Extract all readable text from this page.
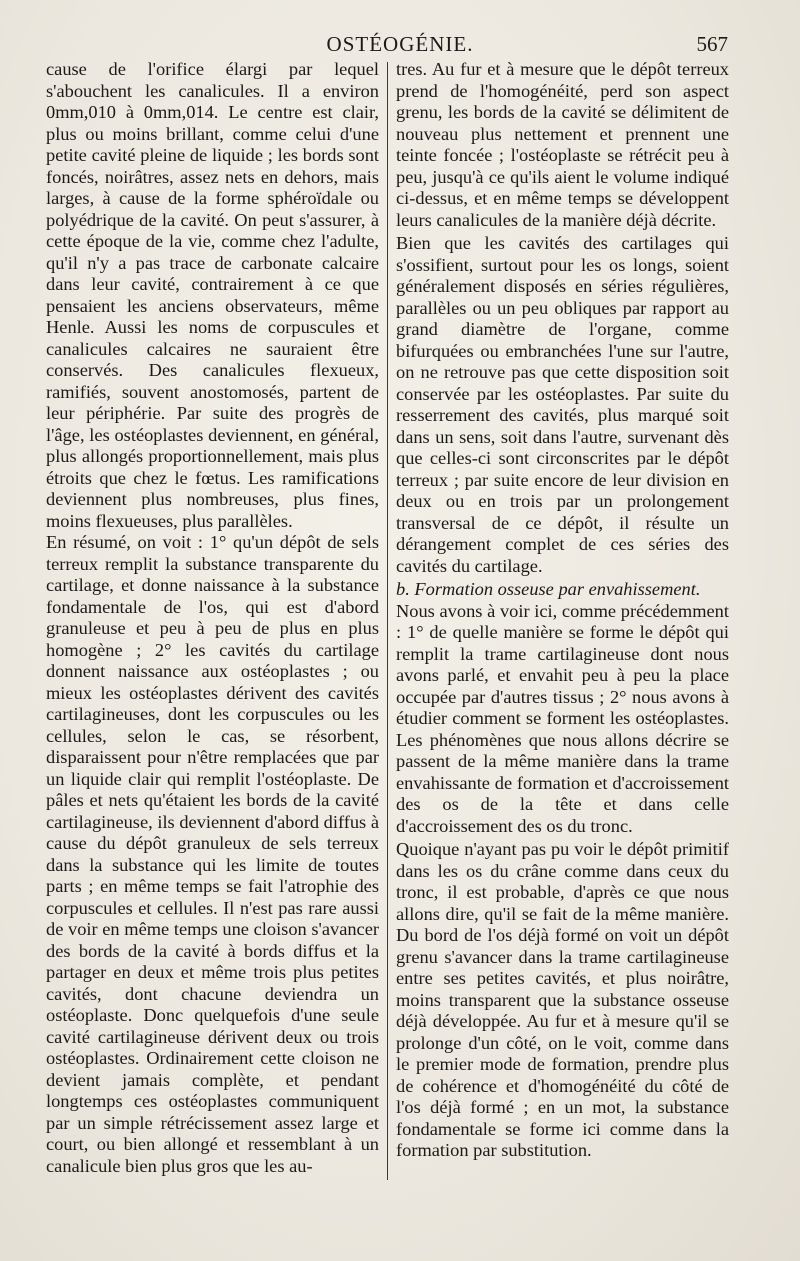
OSTÉOGÉNIE.	567

cause de l'orifice élargi par lequel s'abouchent les canalicules. Il a environ 0mm,010 à 0mm,014. Le centre est clair, plus ou moins brillant, comme celui d'une petite cavité pleine de liquide ; les bords sont foncés, noirâtres, assez nets en dehors, mais larges, à cause de la forme sphéroïdale ou polyédrique de la cavité. On peut s'assurer, à cette époque de la vie, comme chez l'adulte, qu'il n'y a pas trace de carbonate calcaire dans leur cavité, contrairement à ce que pensaient les anciens observateurs, même Henle. Aussi les noms de corpuscules et canalicules calcaires ne sauraient être conservés. Des canalicules flexueux, ramifiés, souvent anostomosés, partent de leur périphérie. Par suite des progrès de l'âge, les ostéoplastes deviennent, en général, plus allongés proportionnellement, mais plus étroits que chez le fœtus. Les ramifications deviennent plus nombreuses, plus fines, moins flexueuses, plus parallèles.

En résumé, on voit : 1° qu'un dépôt de sels terreux remplit la substance transparente du cartilage, et donne naissance à la substance fondamentale de l'os, qui est d'abord granuleuse et peu à peu de plus en plus homogène ; 2° les cavités du cartilage donnent naissance aux ostéoplastes ; ou mieux les ostéoplastes dérivent des cavités cartilagineuses, dont les corpuscules ou les cellules, selon le cas, se résorbent, disparaissent pour n'être remplacées que par un liquide clair qui remplit l'ostéoplaste. De pâles et nets qu'étaient les bords de la cavité cartilagineuse, ils deviennent d'abord diffus à cause du dépôt granuleux de sels terreux dans la substance qui les limite de toutes parts ; en même temps se fait l'atrophie des corpuscules et cellules. Il n'est pas rare aussi de voir en même temps une cloison s'avancer des bords de la cavité à bords diffus et la partager en deux et même trois plus petites cavités, dont chacune deviendra un ostéoplaste. Donc quelquefois d'une seule cavité cartilagineuse dérivent deux ou trois ostéoplastes. Ordinairement cette cloison ne devient jamais complète, et pendant longtemps ces ostéoplastes communiquent par un simple rétrécissement assez large et court, ou bien allongé et ressemblant à un canalicule bien plus gros que les au-

tres. Au fur et à mesure que le dépôt terreux prend de l'homogénéité, perd son aspect grenu, les bords de la cavité se délimitent de nouveau plus nettement et prennent une teinte foncée ; l'ostéoplaste se rétrécit peu à peu, jusqu'à ce qu'ils aient le volume indiqué ci-dessus, et en même temps se développent leurs canalicules de la manière déjà décrite.

Bien que les cavités des cartilages qui s'ossifient, surtout pour les os longs, soient généralement disposés en séries régulières, parallèles ou un peu obliques par rapport au grand diamètre de l'organe, comme bifurquées ou embranchées l'une sur l'autre, on ne retrouve pas que cette disposition soit conservée par les ostéoplastes. Par suite du resserrement des cavités, plus marqué soit dans un sens, soit dans l'autre, survenant dès que celles-ci sont circonscrites par le dépôt terreux ; par suite encore de leur division en deux ou en trois par un prolongement transversal de ce dépôt, il résulte un dérangement complet de ces séries des cavités du cartilage.

b. Formation osseuse par envahissement.

Nous avons à voir ici, comme précédemment : 1° de quelle manière se forme le dépôt qui remplit la trame cartilagineuse dont nous avons parlé, et envahit peu à peu la place occupée par d'autres tissus ; 2° nous avons à étudier comment se forment les ostéoplastes. Les phénomènes que nous allons décrire se passent de la même manière dans la trame envahissante de formation et d'accroissement des os de la tête et dans celle d'accroissement des os du tronc.

Quoique n'ayant pas pu voir le dépôt primitif dans les os du crâne comme dans ceux du tronc, il est probable, d'après ce que nous allons dire, qu'il se fait de la même manière. Du bord de l'os déjà formé on voit un dépôt grenu s'avancer dans la trame cartilagineuse entre ses petites cavités, et plus noirâtre, moins transparent que la substance osseuse déjà développée. Au fur et à mesure qu'il se prolonge d'un côté, on le voit, comme dans le premier mode de formation, prendre plus de cohérence et d'homogénéité du côté de l'os déjà formé ; en un mot, la substance fondamentale se forme ici comme dans la formation par substitution.
